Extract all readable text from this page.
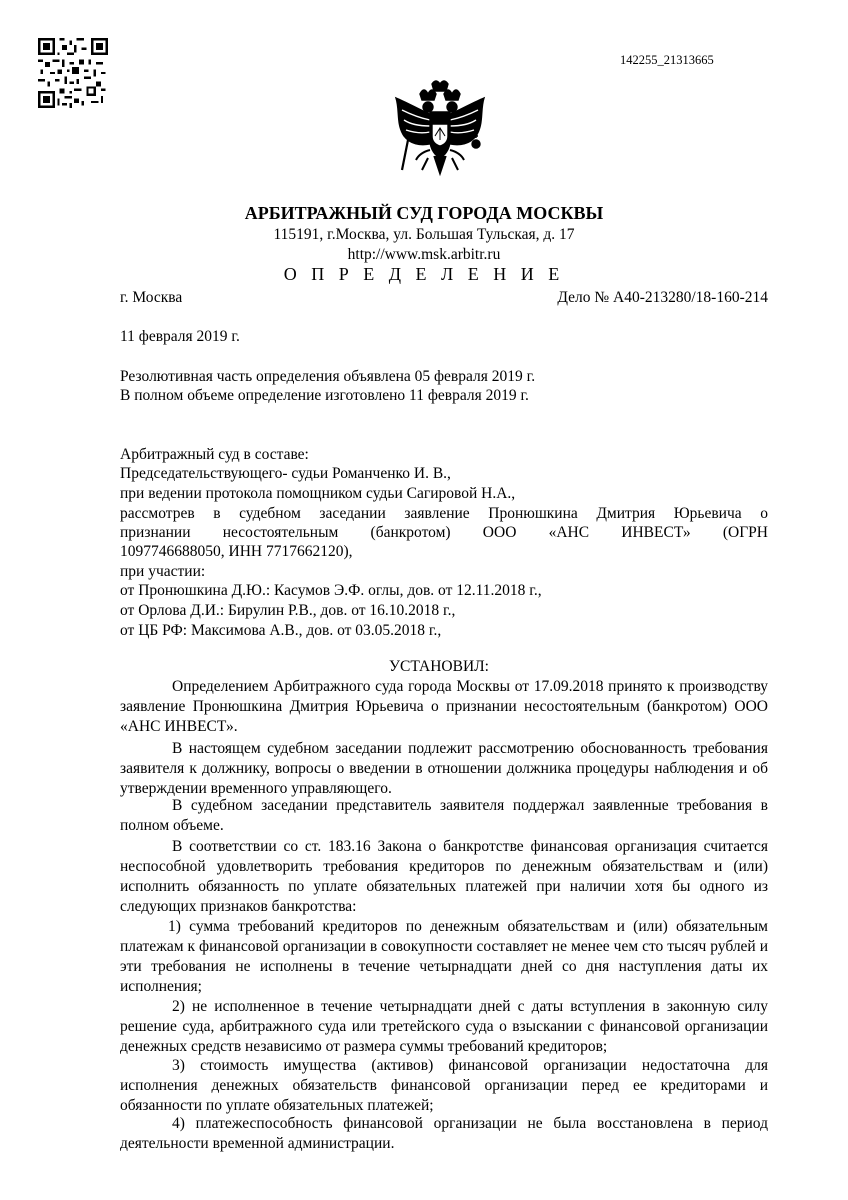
142255_21313665
АРБИТРАЖНЫЙ СУД ГОРОДА МОСКВЫ
115191, г.Москва, ул. Большая Тульская, д. 17
http://www.msk.arbitr.ru
О П Р Е Д Е Л Е Н И Е
г. Москва	Дело № А40-213280/18-160-214
11 февраля 2019 г.
Резолютивная часть определения объявлена 05 февраля 2019 г.
В полном объеме определение изготовлено 11 февраля 2019 г.
Арбитражный суд в составе:
Председательствующего- судьи Романченко И. В.,
при ведении протокола помощником судьи Сагировой Н.А.,
рассмотрев в судебном заседании заявление Пронюшкина Дмитрия Юрьевича о
признании несостоятельным (банкротом) ООО «АНС ИНВЕСТ» (ОГРН
1097746688050, ИНН 7717662120),
при участии:
от Пронюшкина Д.Ю.: Касумов Э.Ф. оглы, дов. от 12.11.2018 г.,
от Орлова Д.И.: Бирулин Р.В., дов. от 16.10.2018 г.,
от ЦБ РФ: Максимова А.В., дов. от 03.05.2018 г.,
УСТАНОВИЛ:
Определением Арбитражного суда города Москвы от 17.09.2018 принято к производству заявление Пронюшкина Дмитрия Юрьевича о признании несостоятельным (банкротом) ООО «АНС ИНВЕСТ».
В настоящем судебном заседании подлежит рассмотрению обоснованность требования заявителя к должнику, вопросы о введении в отношении должника процедуры наблюдения и об утверждении временного управляющего.
В судебном заседании представитель заявителя поддержал заявленные требования в полном объеме.
В соответствии со ст. 183.16 Закона о банкротстве финансовая организация считается неспособной удовлетворить требования кредиторов по денежным обязательствам и (или) исполнить обязанность по уплате обязательных платежей при наличии хотя бы одного из следующих признаков банкротства:
1) сумма требований кредиторов по денежным обязательствам и (или) обязательным платежам к финансовой организации в совокупности составляет не менее чем сто тысяч рублей и эти требования не исполнены в течение четырнадцати дней со дня наступления даты их исполнения;
2) не исполненное в течение четырнадцати дней с даты вступления в законную силу решение суда, арбитражного суда или третейского суда о взыскании с финансовой организации денежных средств независимо от размера суммы требований кредиторов;
3) стоимость имущества (активов) финансовой организации недостаточна для исполнения денежных обязательств финансовой организации перед ее кредиторами и обязанности по уплате обязательных платежей;
4) платежеспособность финансовой организации не была восстановлена в период деятельности временной администрации.
